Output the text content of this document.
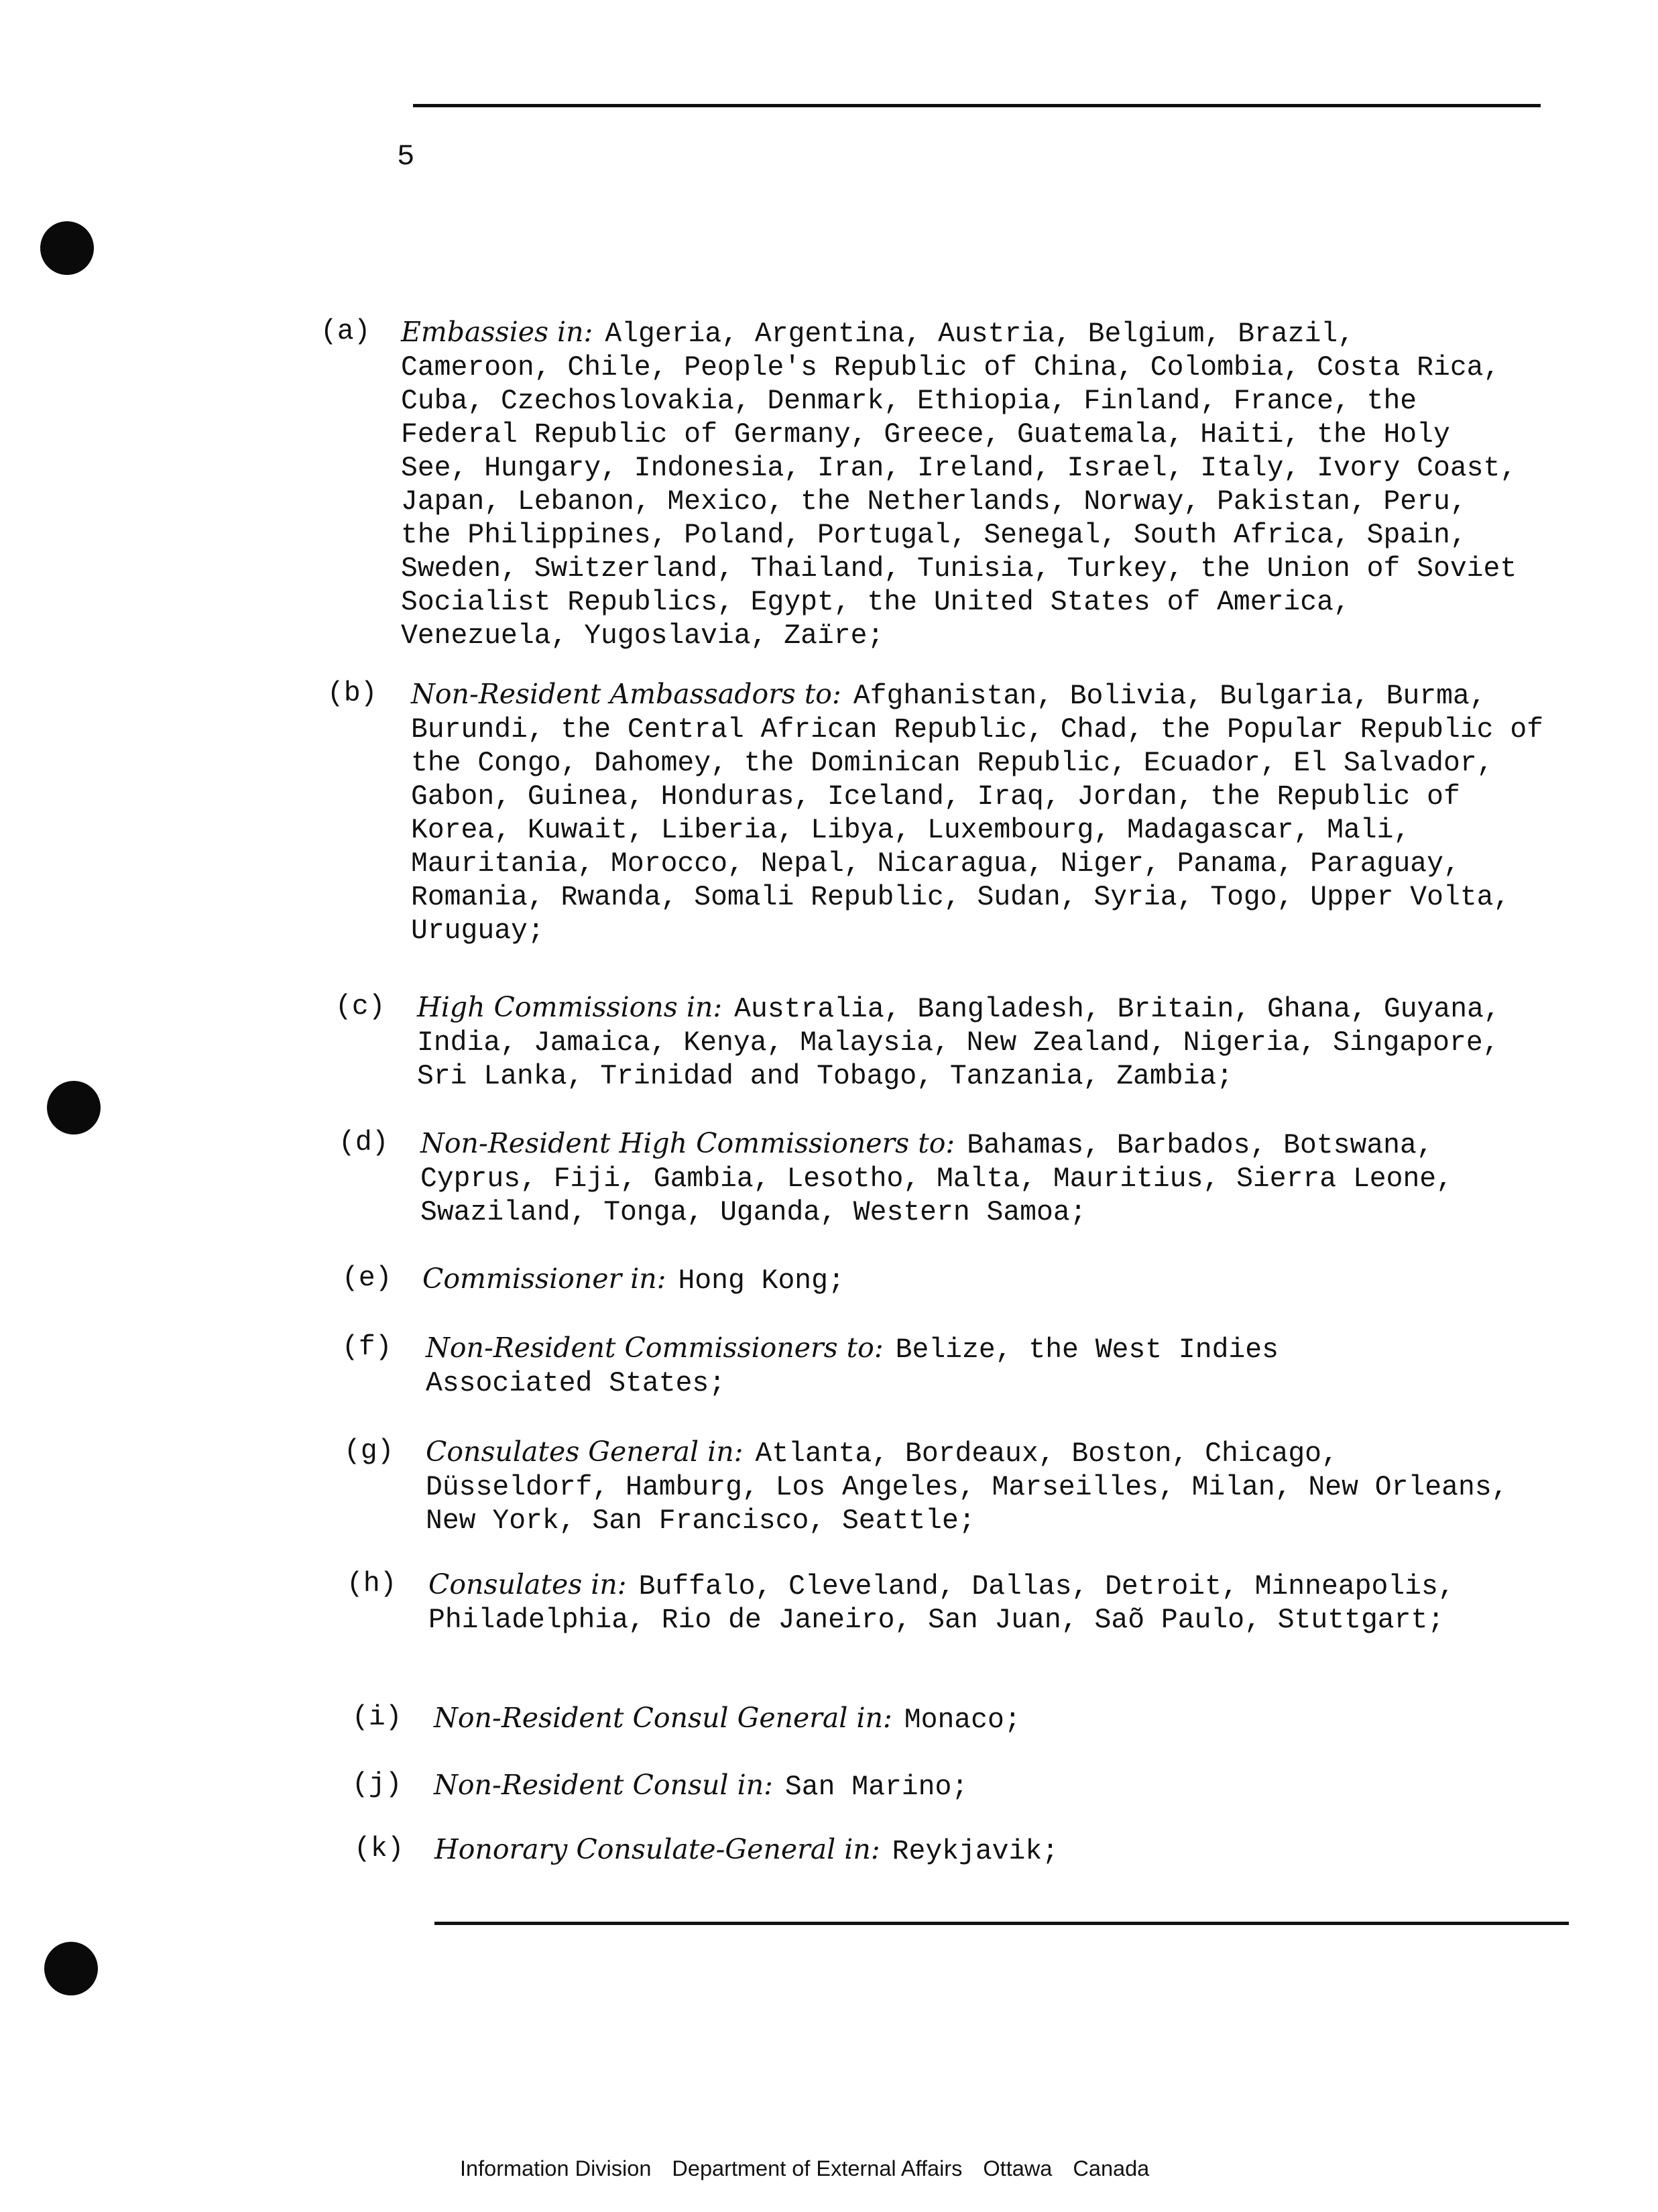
5
(a) Embassies in: Algeria, Argentina, Austria, Belgium, Brazil, Cameroon, Chile, People's Republic of China, Colombia, Costa Rica, Cuba, Czechoslovakia, Denmark, Ethiopia, Finland, France, the Federal Republic of Germany, Greece, Guatemala, Haiti, the Holy See, Hungary, Indonesia, Iran, Ireland, Israel, Italy, Ivory Coast, Japan, Lebanon, Mexico, the Netherlands, Norway, Pakistan, Peru, the Philippines, Poland, Portugal, Senegal, South Africa, Spain, Sweden, Switzerland, Thailand, Tunisia, Turkey, the Union of Soviet Socialist Republics, Egypt, the United States of America, Venezuela, Yugoslavia, Zaïre;
(b) Non-Resident Ambassadors to: Afghanistan, Bolivia, Bulgaria, Burma, Burundi, the Central African Republic, Chad, the Popular Republic of the Congo, Dahomey, the Dominican Republic, Ecuador, El Salvador, Gabon, Guinea, Honduras, Iceland, Iraq, Jordan, the Republic of Korea, Kuwait, Liberia, Libya, Luxembourg, Madagascar, Mali, Mauritania, Morocco, Nepal, Nicaragua, Niger, Panama, Paraguay, Romania, Rwanda, Somali Republic, Sudan, Syria, Togo, Upper Volta, Uruguay;
(c) High Commissions in: Australia, Bangladesh, Britain, Ghana, Guyana, India, Jamaica, Kenya, Malaysia, New Zealand, Nigeria, Singapore, Sri Lanka, Trinidad and Tobago, Tanzania, Zambia;
(d) Non-Resident High Commissioners to: Bahamas, Barbados, Botswana, Cyprus, Fiji, Gambia, Lesotho, Malta, Mauritius, Sierra Leone, Swaziland, Tonga, Uganda, Western Samoa;
(e) Commissioner in: Hong Kong;
(f) Non-Resident Commissioners to: Belize, the West Indies Associated States;
(g) Consulates General in: Atlanta, Bordeaux, Boston, Chicago, Düsseldorf, Hamburg, Los Angeles, Marseilles, Milan, New Orleans, New York, San Francisco, Seattle;
(h) Consulates in: Buffalo, Cleveland, Dallas, Detroit, Minneapolis, Philadelphia, Rio de Janeiro, San Juan, Saõ Paulo, Stuttgart;
(i) Non-Resident Consul General in: Monaco;
(j) Non-Resident Consul in: San Marino;
(k) Honorary Consulate-General in: Reykjavik;
Information Division Department of External Affairs Ottawa Canada
